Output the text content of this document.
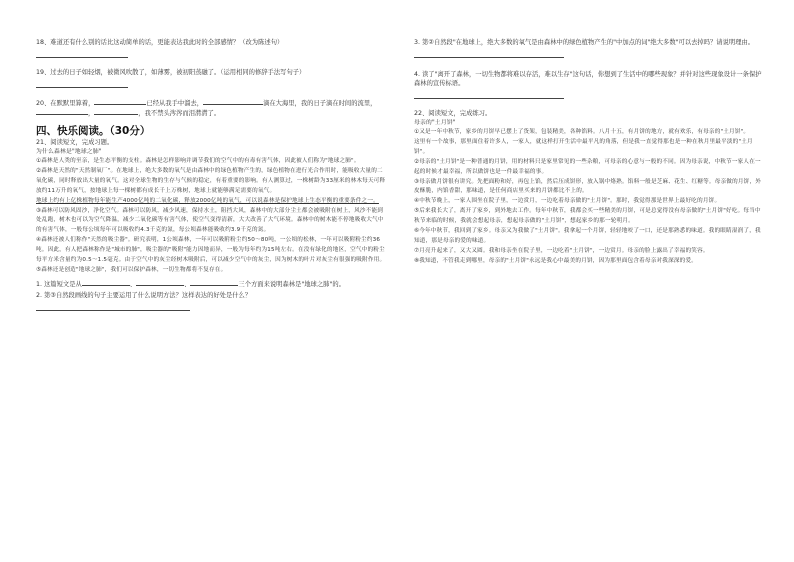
18、难道还有什么别的话比这动简单的话，更能表达我此时的全部感情？（改为陈述句）

19、过去的日子如轻烟，被微风吹散了，如薄雾，被初阳蒸融了。（运用相同的修辞手法写句子）

20、在默默里算着，	已经从我手中溜去，	滴在大海里，我的日子滴在时间的流里，，	，我不禁头涔涔而泪潸潸了。

四、快乐阅读。（30分）

21、阅读短文，完成习题。

为什么森林是"地球之肺"

①森林是人类的至亲，是生态平衡的支柱。森林是怎样影响并调节我们的空气中的有毒有害气体，因此被人们称为"地球之肺"。

②森林是天然的"天然制氧厂"。在地球上，绝大多数的氧气是由森林中的绿色植物产生的，绿色植物在进行光合作用时，能吸收大量的二氧化碳，同时释放出大量的氧气。这对全球生物的生存与气候的稳定，有着重要的影响。有人测算过，一株树龄为33厘米的林木每天可释放约11万升的氧气，按地球上每一棵树都有成长千上万株树，地球上就能够满足需要的氧气。

地球上约有上亿株植物每年能生产4000亿吨的二氧化碳，释放2000亿吨的氧气，可以说森林是保护地球上生态平衡的重要条件之一。

③森林可以防风固沙，净化空气。森林可以防风，减少风速，保持水土，阻挡大风，森林中的大部分尘土都会被吸附在树上，风沙不能到处乱跑，树木也可以为空气降温，减少二氧化碳等有害气体，使空气变得清新，大大改善了大气环境。森林中的树木能不停地吸收大气中的有害气体，一般每公顷每年可以吸收约4.3千克的氮，每公顷森林能吸收约3.9千克的氮。

④森林还被人们称作"天然的吸尘器"。研究表明，1公顷森林，一年可以吸附粉尘约50～80吨，一公顷的松林，一年可以吸附粉尘约36吨。因此，有人把森林称作是"城市的肺"，吸尘器的"吸附"能力因地而异，一般为每年约为15吨左右。在没有绿化的地区，空气中的粉尘每平方米含量约为0.5～1.5毫克。由于空气中的灰尘经树木吸附后，可以减少空气中的灰尘，因为树木的叶片对灰尘有很强的吸附作用。

⑤森林还是创造"地球之肺"，我们可以保护森林，一切生物都将不复存在。

1. 这篇短文是从	、	、	三个方面来说明森林是"地球之肺"的。

2. 第③自然段画线的句子主要运用了什么说明方法？这样表达的好处是什么？

3. 第②自然段"在地球上，绝大多数的氧气是由森林中的绿色植物产生的"中加点的词"绝大多数"可以去掉吗？请说明理由。

4. 读了"离开了森林，一切生物都将难以存活，难以生存"这句话，你想到了生活中的哪些现象？并针对这些现象设计一条保护森林的宣传标语。

22、阅读短文，完成练习。

母亲的"土月饼"

①又是一年中秋节，家乡的月饼早已摆上了货架，包装精美，各种馅料。八月十五，有月饼的地方，就有欢乐，有母亲的"土月饼"。

这里有一个故事，那里面住着许多人，一家人，就这样打开生活中最平凡的角落，但是我一直觉得那也是一种在秋月里最平淡的"土月饼"。

②母亲的"土月饼"是一种普通的月饼，用的材料只是家里常见的一些杂粮，可母亲的心意与一般的不同。因为母亲说，中秋节一家人在一起的时候才最幸福，所以做饼也是一件最幸福的事。

③母亲做月饼很有讲究。先把面粉和好，再包上馅，然后压成饼形，放入锅中烙熟。馅料一般是芝麻、花生、红糖等。母亲做的月饼，外皮酥脆，内馅香甜，那味道，是任何商店里买来的月饼都比不上的。

④中秋节晚上，一家人围坐在院子里，一边赏月，一边吃着母亲做的"土月饼"。那时，我觉得那是世界上最好吃的月饼。

⑤后来我长大了，离开了家乡，到外地去工作。每年中秋节，我都会买一些精美的月饼，可是总觉得没有母亲做的"土月饼"好吃。每当中秋节来临的时候，我就会想起母亲，想起母亲做的"土月饼"，想起家乡的那一轮明月。

⑥今年中秋节，我回到了家乡。母亲又为我做了"土月饼"。我拿起一个月饼，轻轻地咬了一口，还是那熟悉的味道。我的眼睛湿润了，我知道，那是母亲的爱的味道。

⑦月亮升起来了，又大又圆。我和母亲坐在院子里，一边吃着"土月饼"，一边赏月。母亲的脸上露出了幸福的笑容。

⑧我知道，不管我走到哪里，母亲的"土月饼"永远是我心中最美的月饼，因为那里面包含着母亲对我深深的爱。
